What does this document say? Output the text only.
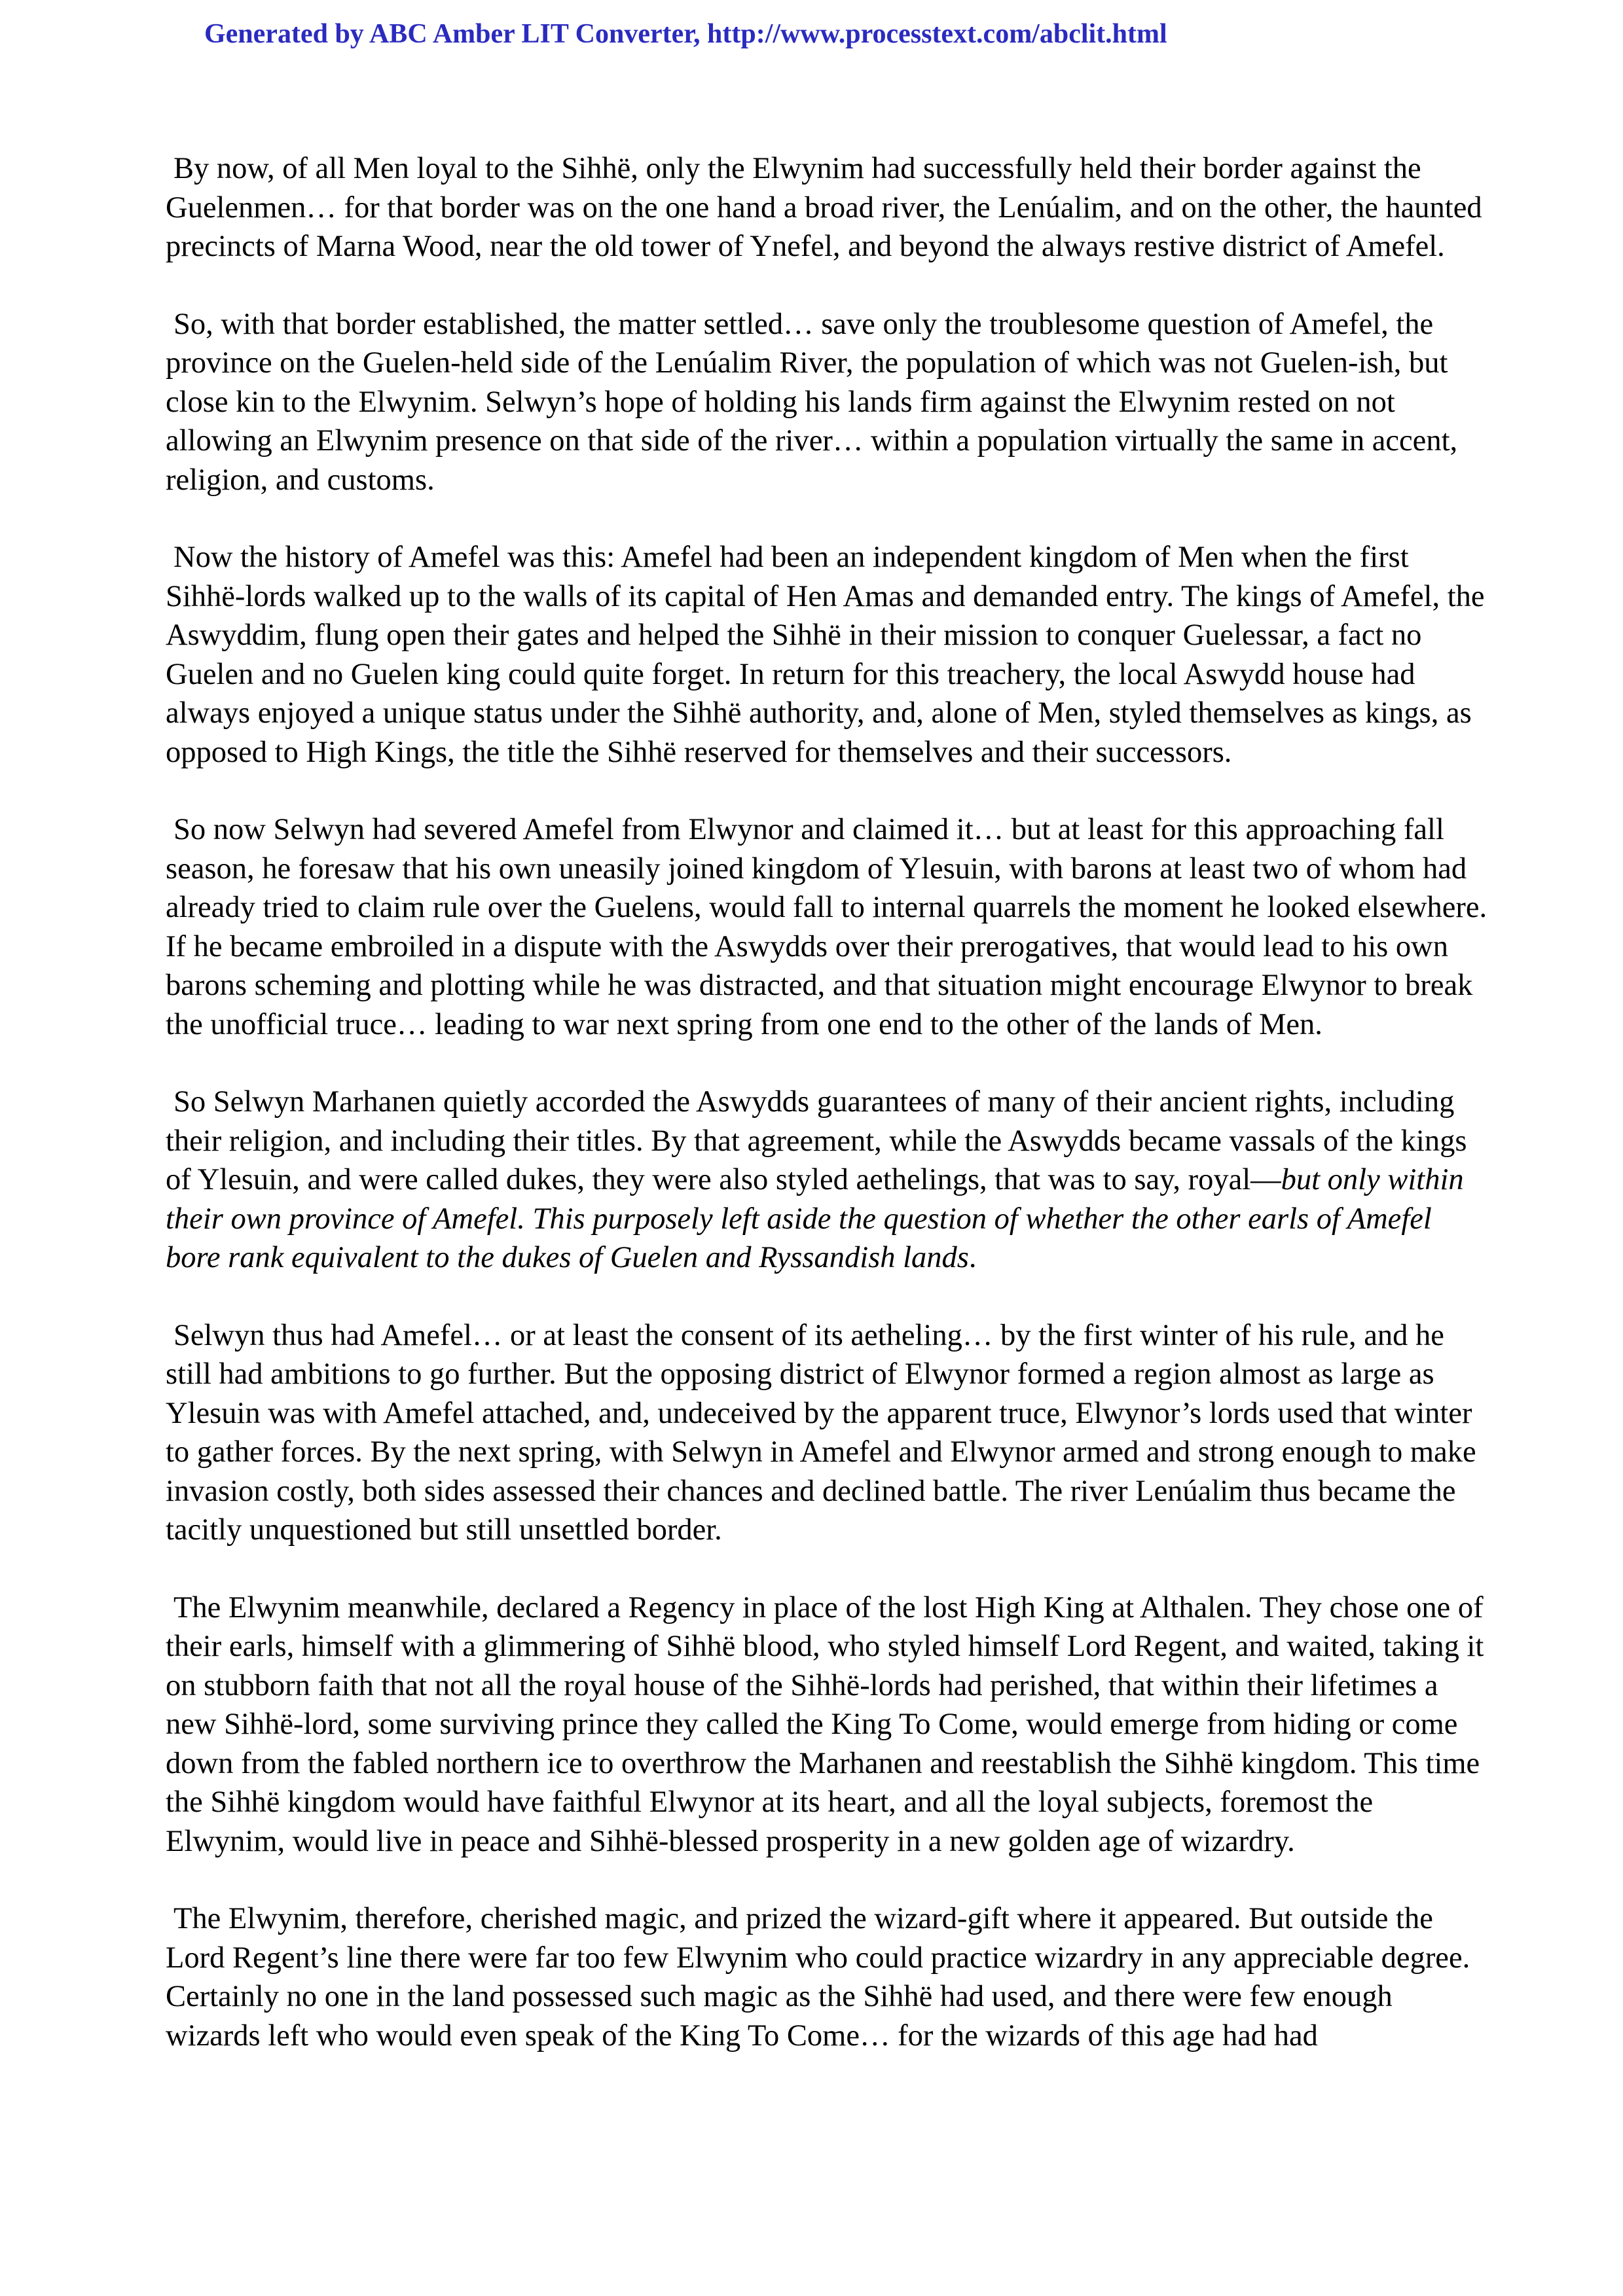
Generated by ABC Amber LIT Converter, http://www.processtext.com/abclit.html

By now, of all Men loyal to the Sihhë, only the Elwynim had successfully held their border against the Guelenmen… for that border was on the one hand a broad river, the Lenúalim, and on the other, the haunted precincts of Marna Wood, near the old tower of Ynefel, and beyond the always restive district of Amefel.

So, with that border established, the matter settled… save only the troublesome question of Amefel, the province on the Guelen-held side of the Lenúalim River, the population of which was not Guelen-ish, but close kin to the Elwynim. Selwyn’s hope of holding his lands firm against the Elwynim rested on not allowing an Elwynim presence on that side of the river… within a population virtually the same in accent, religion, and customs.

Now the history of Amefel was this: Amefel had been an independent kingdom of Men when the first Sihhë-lords walked up to the walls of its capital of Hen Amas and demanded entry. The kings of Amefel, the Aswyddim, flung open their gates and helped the Sihhë in their mission to conquer Guelessar, a fact no Guelen and no Guelen king could quite forget. In return for this treachery, the local Aswydd house had always enjoyed a unique status under the Sihhë authority, and, alone of Men, styled themselves as kings, as opposed to High Kings, the title the Sihhë reserved for themselves and their successors.

So now Selwyn had severed Amefel from Elwynor and claimed it… but at least for this approaching fall season, he foresaw that his own uneasily joined kingdom of Ylesuin, with barons at least two of whom had already tried to claim rule over the Guelens, would fall to internal quarrels the moment he looked elsewhere. If he became embroiled in a dispute with the Aswydds over their prerogatives, that would lead to his own barons scheming and plotting while he was distracted, and that situation might encourage Elwynor to break the unofficial truce… leading to war next spring from one end to the other of the lands of Men.

So Selwyn Marhanen quietly accorded the Aswydds guarantees of many of their ancient rights, including their religion, and including their titles. By that agreement, while the Aswydds became vassals of the kings of Ylesuin, and were called dukes, they were also styled aethelings, that was to say, royal—but only within their own province of Amefel. This purposely left aside the question of whether the other earls of Amefel bore rank equivalent to the dukes of Guelen and Ryssandish lands.

Selwyn thus had Amefel… or at least the consent of its aetheling… by the first winter of his rule, and he still had ambitions to go further. But the opposing district of Elwynor formed a region almost as large as Ylesuin was with Amefel attached, and, undeceived by the apparent truce, Elwynor’s lords used that winter to gather forces. By the next spring, with Selwyn in Amefel and Elwynor armed and strong enough to make invasion costly, both sides assessed their chances and declined battle. The river Lenúalim thus became the tacitly unquestioned but still unsettled border.

The Elwynim meanwhile, declared a Regency in place of the lost High King at Althalen. They chose one of their earls, himself with a glimmering of Sihhë blood, who styled himself Lord Regent, and waited, taking it on stubborn faith that not all the royal house of the Sihhë-lords had perished, that within their lifetimes a new Sihhë-lord, some surviving prince they called the King To Come, would emerge from hiding or come down from the fabled northern ice to overthrow the Marhanen and reestablish the Sihhë kingdom. This time the Sihhë kingdom would have faithful Elwynor at its heart, and all the loyal subjects, foremost the Elwynim, would live in peace and Sihhë-blessed prosperity in a new golden age of wizardry.

The Elwynim, therefore, cherished magic, and prized the wizard-gift where it appeared. But outside the Lord Regent’s line there were far too few Elwynim who could practice wizardry in any appreciable degree. Certainly no one in the land possessed such magic as the Sihhë had used, and there were few enough wizards left who would even speak of the King To Come… for the wizards of this age had had
